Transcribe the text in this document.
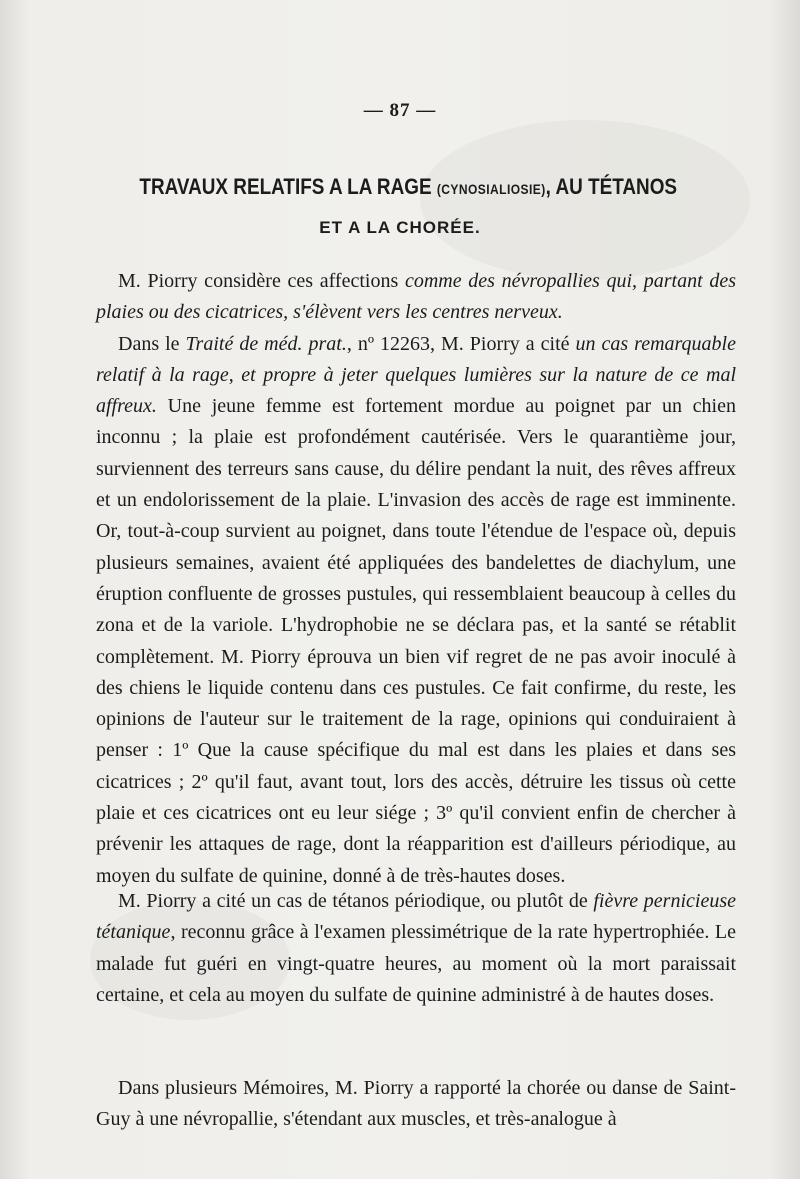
— 87 —
TRAVAUX RELATIFS A LA RAGE (CYNOSIALIOSIE), AU TÉTANOS
ET A LA CHORÉE.

M. Piorry considère ces affections comme des névropallies qui, partant des plaies ou des cicatrices, s'élèvent vers les centres nerveux.

Dans le Traité de méd. prat., nº 12263, M. Piorry a cité un cas remarquable relatif à la rage, et propre à jeter quelques lumières sur la nature de ce mal affreux. Une jeune femme est fortement mordue au poignet par un chien inconnu ; la plaie est profondément cautérisée. Vers le quarantième jour, surviennent des terreurs sans cause, du délire pendant la nuit, des rêves affreux et un endolorissement de la plaie. L'invasion des accès de rage est imminente. Or, tout-à-coup survient au poignet, dans toute l'étendue de l'espace où, depuis plusieurs semaines, avaient été appliquées des bandelettes de diachylum, une éruption confluente de grosses pustules, qui ressemblaient beaucoup à celles du zona et de la variole. L'hydrophobie ne se déclara pas, et la santé se rétablit complètement. M. Piorry éprouva un bien vif regret de ne pas avoir inoculé à des chiens le liquide contenu dans ces pustules. Ce fait confirme, du reste, les opinions de l'auteur sur le traitement de la rage, opinions qui conduiraient à penser : 1º Que la cause spécifique du mal est dans les plaies et dans ses cicatrices ; 2º qu'il faut, avant tout, lors des accès, détruire les tissus où cette plaie et ces cicatrices ont eu leur siége ; 3º qu'il convient enfin de chercher à prévenir les attaques de rage, dont la réapparition est d'ailleurs périodique, au moyen du sulfate de quinine, donné à de très-hautes doses.

M. Piorry a cité un cas de tétanos périodique, ou plutôt de fièvre pernicieuse tétanique, reconnu grâce à l'examen plessimétrique de la rate hypertrophiée. Le malade fut guéri en vingt-quatre heures, au moment où la mort paraissait certaine, et cela au moyen du sulfate de quinine administré à de hautes doses.

Dans plusieurs Mémoires, M. Piorry a rapporté la chorée ou danse de Saint-Guy à une névropallie, s'étendant aux muscles, et très-analogue à
